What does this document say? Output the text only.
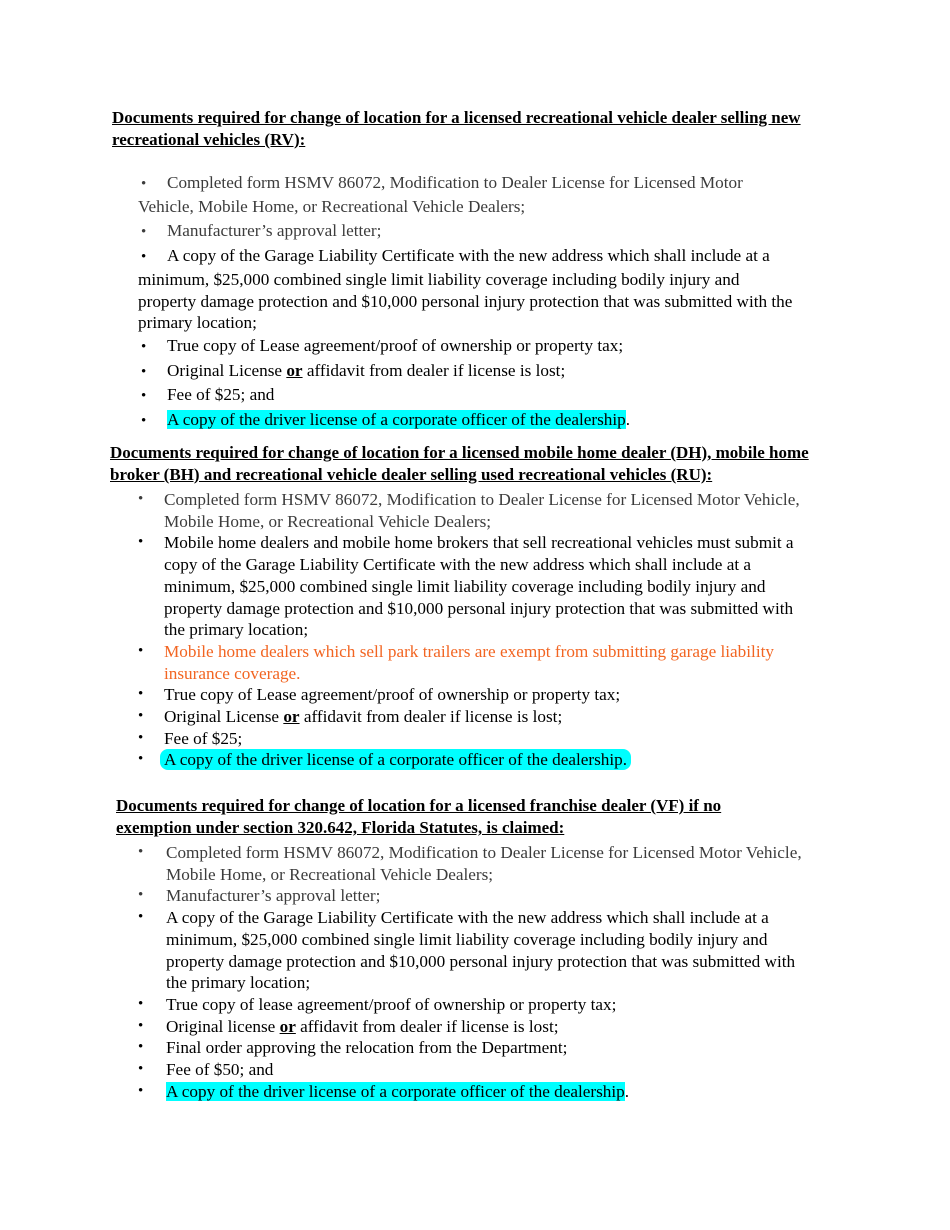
Documents required for change of location for a licensed recreational vehicle dealer selling new recreational vehicles (RV):
• Completed form HSMV 86072, Modification to Dealer License for Licensed Motor Vehicle, Mobile Home, or Recreational Vehicle Dealers;
• Manufacturer’s approval letter;
• A copy of the Garage Liability Certificate with the new address which shall include at a minimum, $25,000 combined single limit liability coverage including bodily injury and property damage protection and $10,000 personal injury protection that was submitted with the primary location;
• True copy of Lease agreement/proof of ownership or property tax;
• Original License or affidavit from dealer if license is lost;
• Fee of $25; and
• A copy of the driver license of a corporate officer of the dealership.
Documents required for change of location for a licensed mobile home dealer (DH), mobile home broker (BH) and recreational vehicle dealer selling used recreational vehicles (RU):
• Completed form HSMV 86072, Modification to Dealer License for Licensed Motor Vehicle, Mobile Home, or Recreational Vehicle Dealers;
• Mobile home dealers and mobile home brokers that sell recreational vehicles must submit a copy of the Garage Liability Certificate with the new address which shall include at a minimum, $25,000 combined single limit liability coverage including bodily injury and property damage protection and $10,000 personal injury protection that was submitted with the primary location;
• Mobile home dealers which sell park trailers are exempt from submitting garage liability insurance coverage.
• True copy of Lease agreement/proof of ownership or property tax;
• Original License or affidavit from dealer if license is lost;
• Fee of $25;
• A copy of the driver license of a corporate officer of the dealership.
Documents required for change of location for a licensed franchise dealer (VF) if no exemption under section 320.642, Florida Statutes, is claimed:
• Completed form HSMV 86072, Modification to Dealer License for Licensed Motor Vehicle, Mobile Home, or Recreational Vehicle Dealers;
• Manufacturer’s approval letter;
• A copy of the Garage Liability Certificate with the new address which shall include at a minimum, $25,000 combined single limit liability coverage including bodily injury and property damage protection and $10,000 personal injury protection that was submitted with the primary location;
• True copy of lease agreement/proof of ownership or property tax;
• Original license or affidavit from dealer if license is lost;
• Final order approving the relocation from the Department;
• Fee of $50; and
• A copy of the driver license of a corporate officer of the dealership.
